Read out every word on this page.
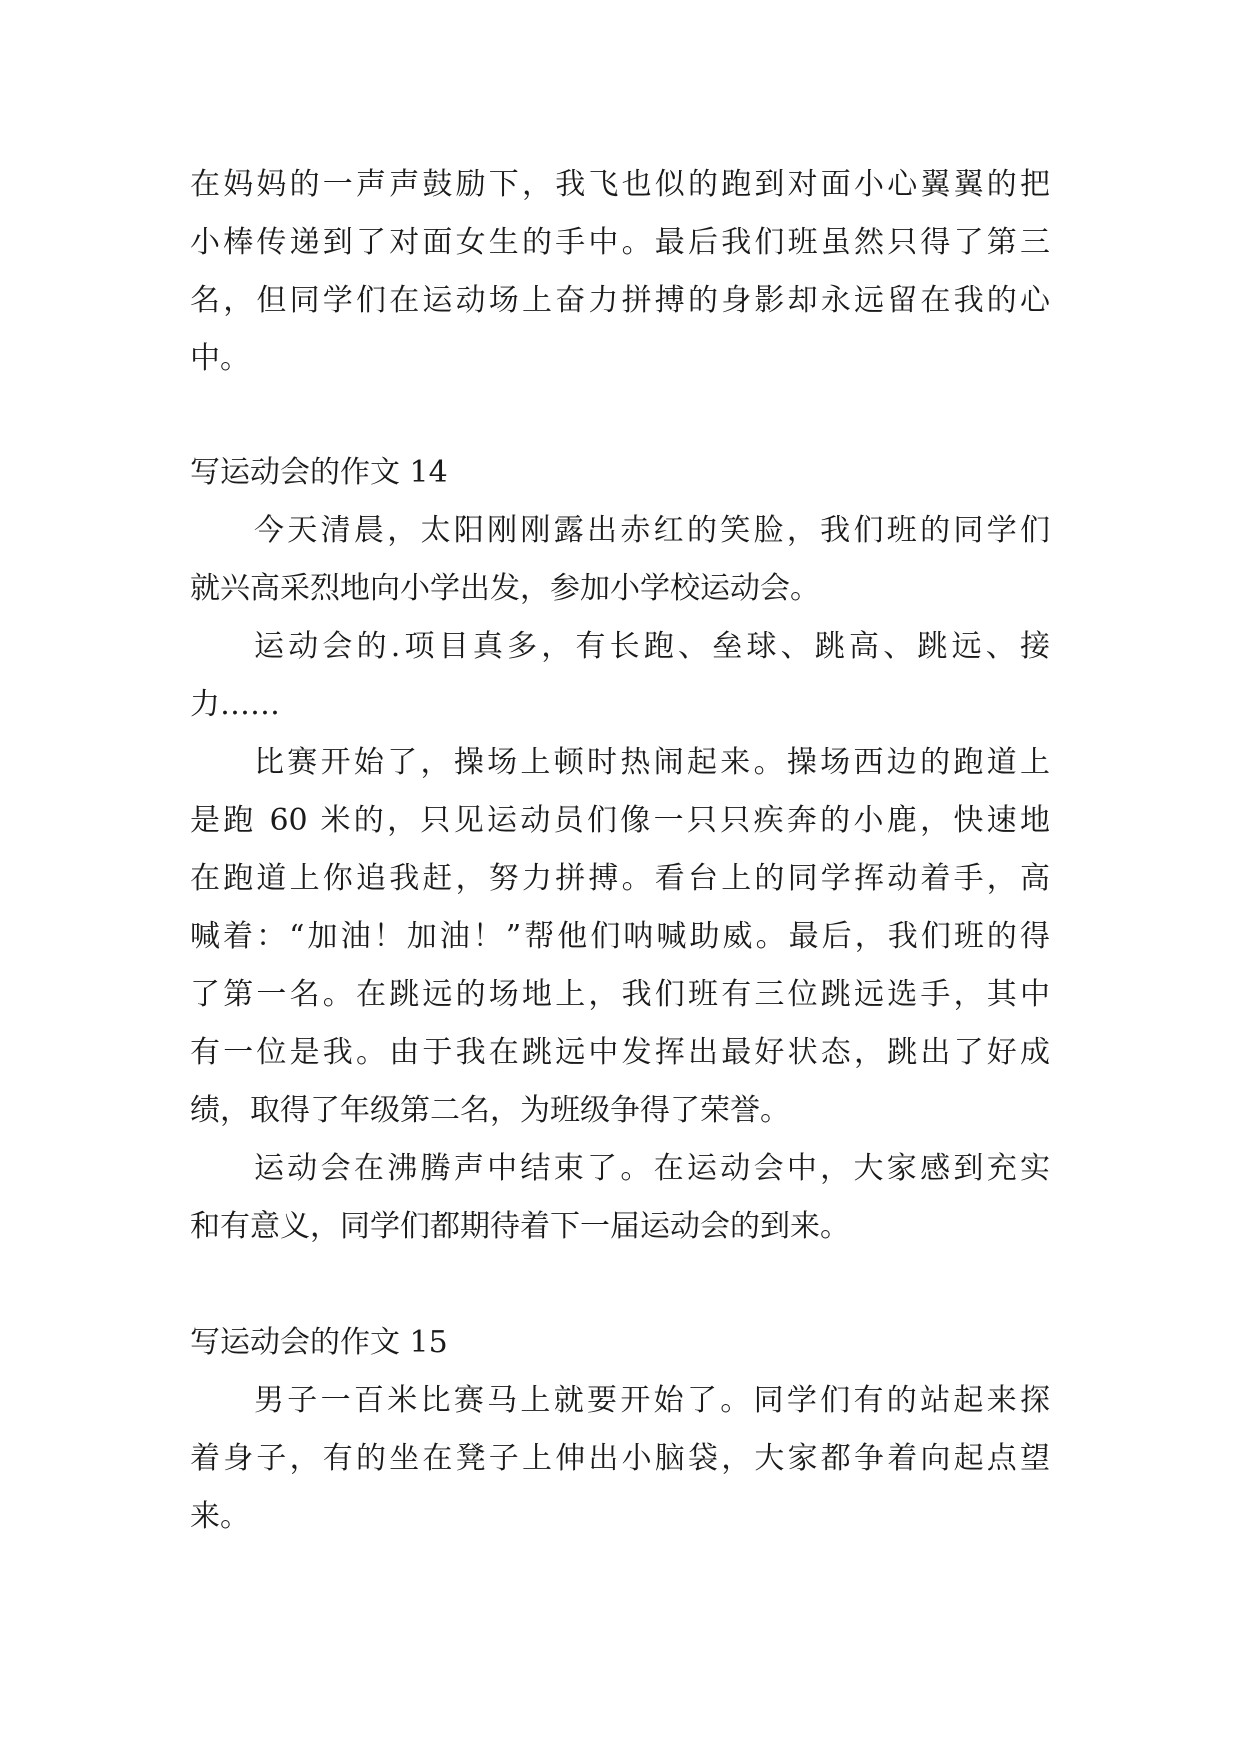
在妈妈的一声声鼓励下，我飞也似的跑到对面小心翼翼的把
小棒传递到了对面女生的手中。最后我们班虽然只得了第三
名，但同学们在运动场上奋力拼搏的身影却永远留在我的心
中。
写运动会的作文 14
今天清晨，太阳刚刚露出赤红的笑脸，我们班的同学们
就兴高采烈地向小学出发，参加小学校运动会。
运动会的.项目真多，有长跑、垒球、跳高、跳远、接
力……
比赛开始了，操场上顿时热闹起来。操场西边的跑道上
是跑 60 米的，只见运动员们像一只只疾奔的小鹿，快速地
在跑道上你追我赶，努力拼搏。看台上的同学挥动着手，高
喊着：“加油！加油！”帮他们呐喊助威。最后，我们班的得
了第一名。在跳远的场地上，我们班有三位跳远选手，其中
有一位是我。由于我在跳远中发挥出最好状态，跳出了好成
绩，取得了年级第二名，为班级争得了荣誉。
运动会在沸腾声中结束了。在运动会中，大家感到充实
和有意义，同学们都期待着下一届运动会的到来。
写运动会的作文 15
男子一百米比赛马上就要开始了。同学们有的站起来探
着身子，有的坐在凳子上伸出小脑袋，大家都争着向起点望
来。
